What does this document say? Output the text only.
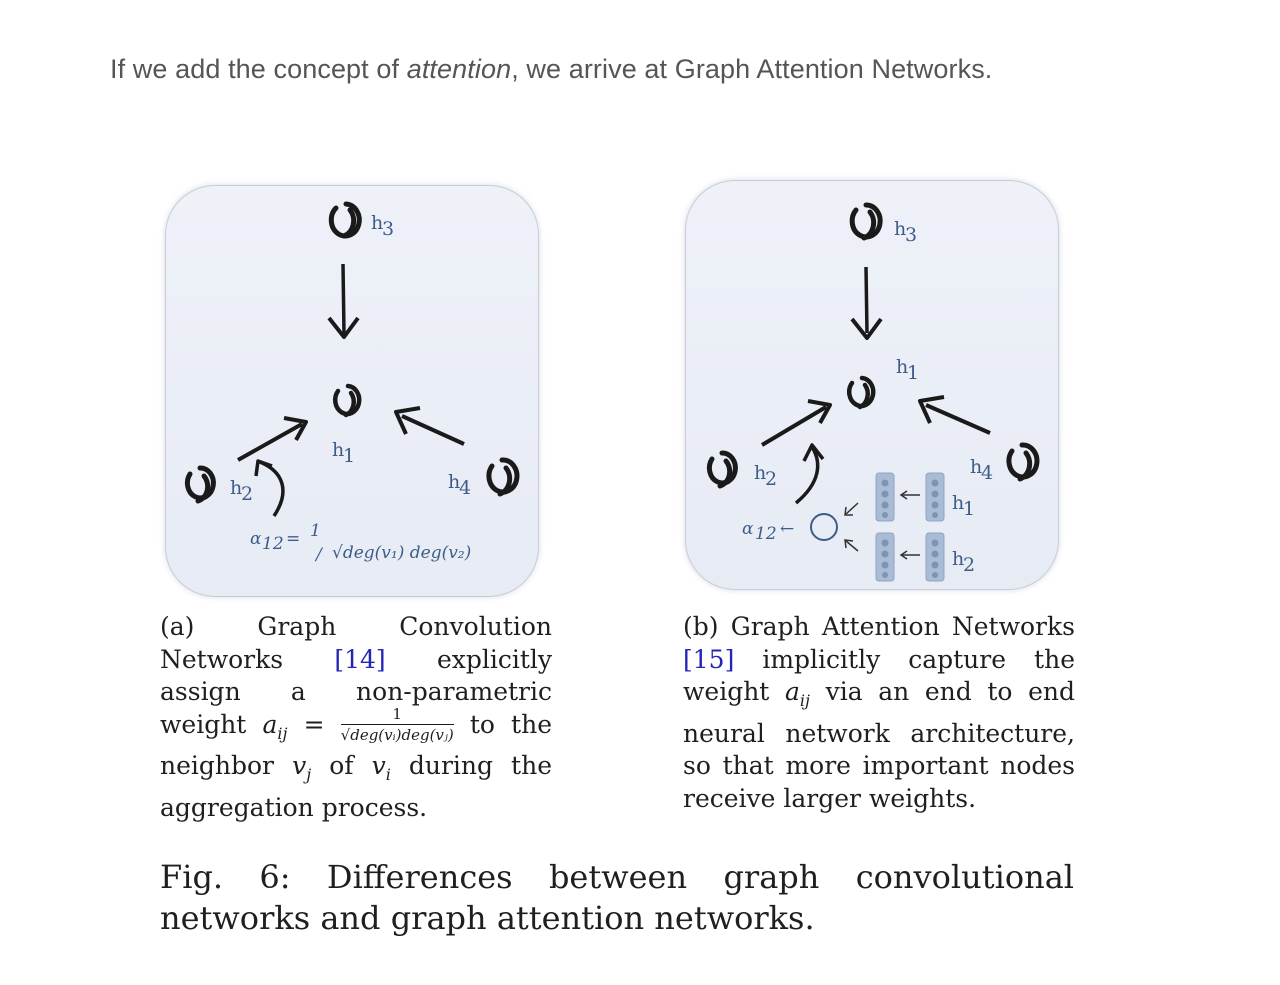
If we add the concept of attention, we arrive at Graph Attention Networks.
h
3
h
1
h
2
h
4
α 12 = 1
/ √deg(v₁) deg(v₂)
h
3
h
1
h
2
h
4
α 12 ←
h
1
h
2
(a) Graph Convolution Networks [14] explicitly assign a non-parametric weight $a_{ij} = \frac{1}{\text{√deg(vᵢ)deg(vⱼ)}}$ to the neighbor $v_j$ of $v_i$ during the aggregation process.
(b) Graph Attention Networks [15] implicitly capture the weight $a_{ij}$ via an end to end neural network architecture, so that more important nodes receive larger weights.
Fig. 6: Differences between graph convolutional networks and graph attention networks.
